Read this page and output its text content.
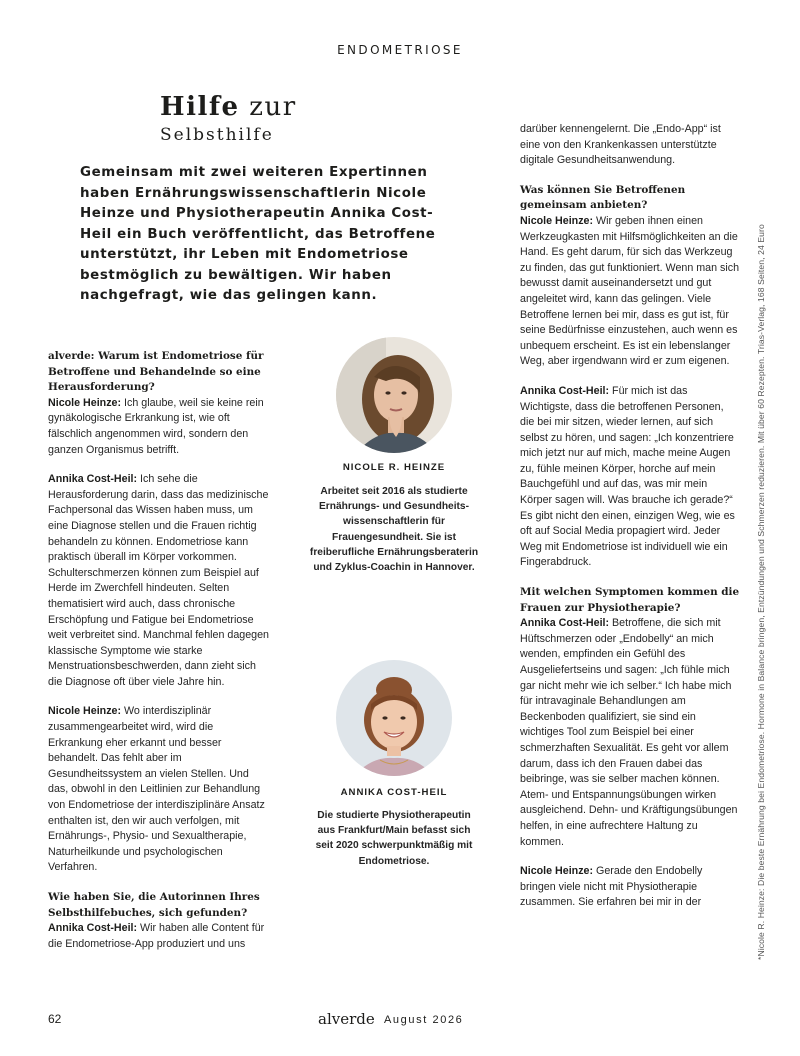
ENDOMETRIOSE
Hilfe zur
Selbsthilfe
Gemeinsam mit zwei weiteren Expertinnen haben Ernährungswissenschaftlerin Nicole Heinze und Physiotherapeutin Annika Cost-Heil ein Buch veröffentlicht, das Betroffene unterstützt, ihr Leben mit Endometriose bestmöglich zu bewältigen. Wir haben nachgefragt, wie das gelingen kann.

alverde: Warum ist Endometriose für Betroffene und Behandelnde so eine Herausforderung?

Nicole Heinze: Ich glaube, weil sie keine rein gynäkologische Erkrankung ist, wie oft fälschlich angenommen wird, sondern den ganzen Organismus betrifft.

Annika Cost-Heil: Ich sehe die Herausforderung darin, dass das medizinische Fachpersonal das Wissen haben muss, um eine Diagnose stellen und die Frauen richtig behandeln zu können. Endometriose kann praktisch überall im Körper vorkommen. Schulterschmerzen können zum Beispiel auf Herde im Zwerchfell hindeuten. Selten thematisiert wird auch, dass chronische Erschöpfung und Fatigue bei Endometriose weit verbreitet sind. Manchmal fehlen dagegen klassische Symptome wie starke Menstruationsbeschwerden, dann zieht sich die Diagnose oft über viele Jahre hin.

Nicole Heinze: Wo interdisziplinär zusammengearbeitet wird, wird die Erkrankung eher erkannt und besser behandelt. Das fehlt aber im Gesundheitssystem an vielen Stellen. Und das, obwohl in den Leitlinien zur Behandlung von Endometriose der interdisziplinäre Ansatz enthalten ist, den wir auch verfolgen, mit Ernährungs-, Physio- und Sexualtherapie, Naturheilkunde und psychologischen Verfahren.

Wie haben Sie, die Autorinnen Ihres Selbsthilfebuches, sich gefunden?

Annika Cost-Heil: Wir haben alle Content für die Endometriose-App produziert und uns

NICOLE R. HEINZE
Arbeitet seit 2016 als studierte Ernährungs- und Gesundheits-wissenschaftlerin für Frauengesundheit. Sie ist freiberufliche Ernährungsberaterin und Zyklus-Coachin in Hannover.
ANNIKA COST-HEIL
Die studierte Physiotherapeutin aus Frankfurt/Main befasst sich seit 2020 schwerpunktmäßig mit Endometriose.

darüber kennengelernt. Die „Endo-App“ ist eine von den Krankenkassen unterstützte digitale Gesundheitsanwendung.

Was können Sie Betroffenen gemeinsam anbieten?

Nicole Heinze: Wir geben ihnen einen Werkzeugkasten mit Hilfsmöglichkeiten an die Hand. Es geht darum, für sich das Werkzeug zu finden, das gut funktioniert. Wenn man sich bewusst damit auseinandersetzt und gut angeleitet wird, kann das gelingen. Viele Betroffene lernen bei mir, dass es gut ist, für seine Bedürfnisse einzustehen, auch wenn es unbequem erscheint. Es ist ein lebenslanger Weg, aber irgendwann wird er zum eigenen.

Annika Cost-Heil: Für mich ist das Wichtigste, dass die betroffenen Personen, die bei mir sitzen, wieder lernen, auf sich selbst zu hören, und sagen: „Ich konzentriere mich jetzt nur auf mich, mache meine Augen zu, fühle meinen Körper, horche auf mein Bauchgefühl und auf das, was mir mein Körper sagen will. Was brauche ich gerade?“ Es gibt nicht den einen, einzigen Weg, wie es oft auf Social Media propagiert wird. Jeder Weg mit Endometriose ist individuell wie ein Fingerabdruck.

Mit welchen Symptomen kommen die Frauen zur Physiotherapie?

Annika Cost-Heil: Betroffene, die sich mit Hüftschmerzen oder „Endobelly“ an mich wenden, empfinden ein Gefühl des Ausgeliefertseins und sagen: „Ich fühle mich gar nicht mehr wie ich selber.“ Ich habe mich für intravaginale Behandlungen am Beckenboden qualifiziert, sie sind ein wichtiges Tool zum Beispiel bei einer schmerzhaften Sexualität. Es geht vor allem darum, dass ich den Frauen dabei das beibringe, was sie selber machen können. Atem- und Entspannungsübungen wirken ausgleichend. Dehn- und Kräftigungsübungen helfen, in eine aufrechtere Haltung zu kommen.

Nicole Heinze: Gerade den Endobelly bringen viele nicht mit Physiotherapie zusammen. Sie erfahren bei mir in der	*Nicole R. Heinze: Die beste Ernährung bei Endometriose. Hormone in Balance bringen, Entzündungen und Schmerzen reduzieren. Mit über 60 Rezepten. Trias-Verlag, 168 Seiten, 24 Euro
62	alverde August 2026
